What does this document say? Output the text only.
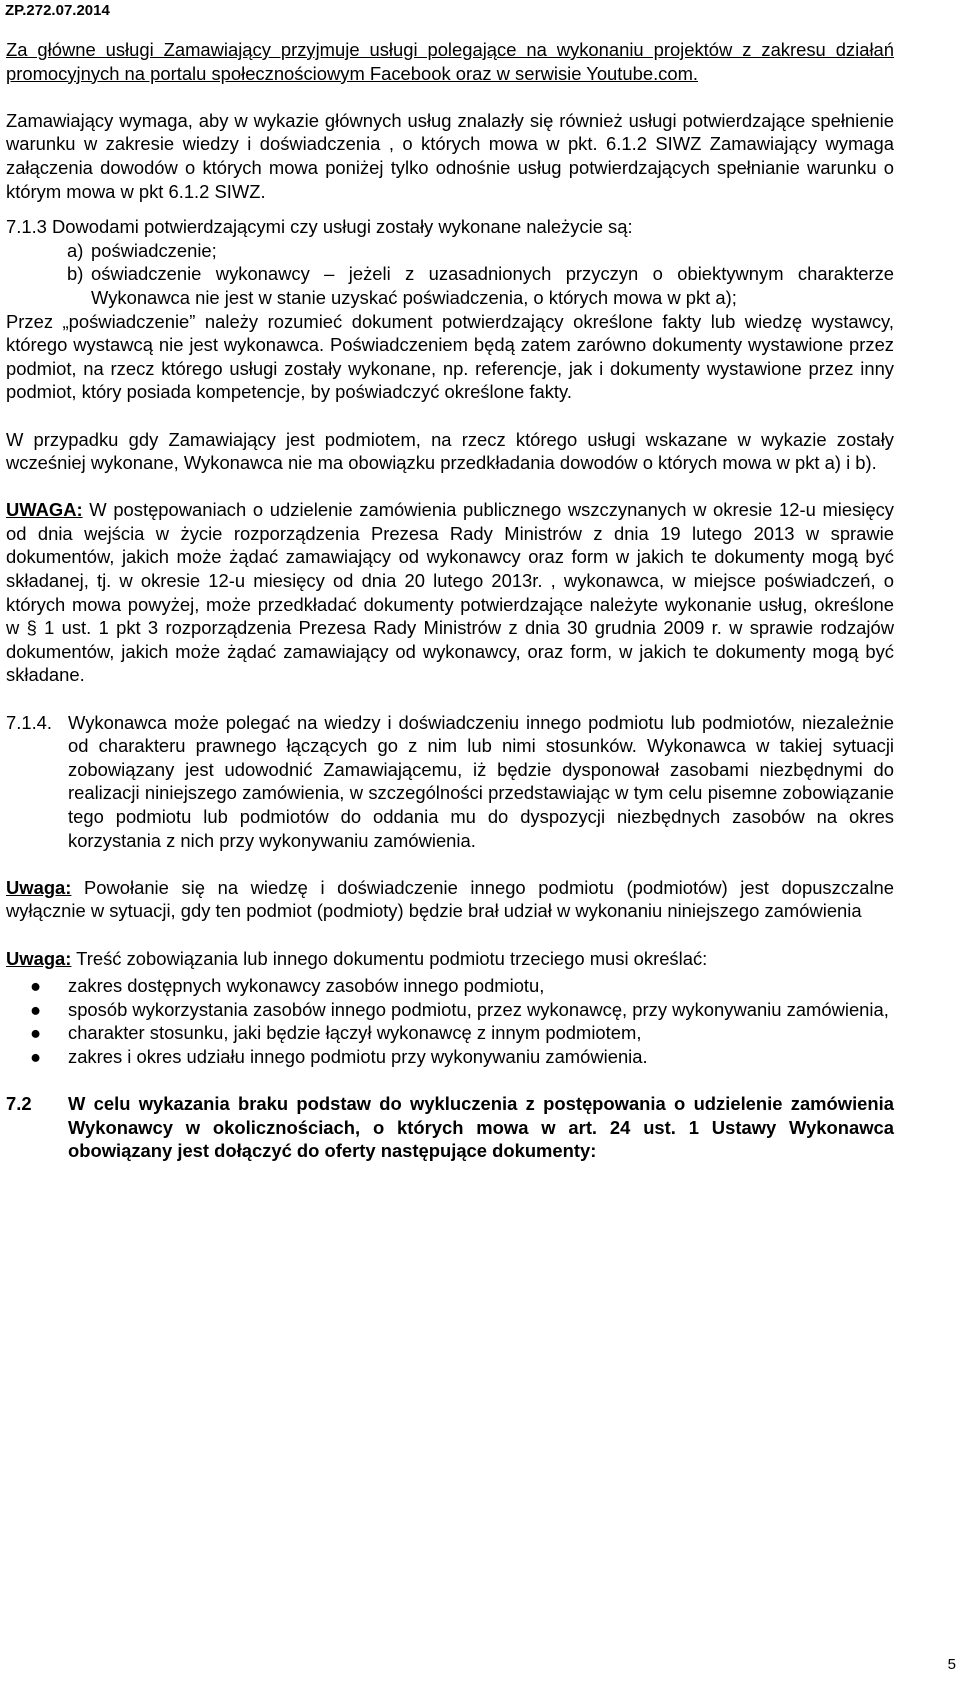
ZP.272.07.2014

Za główne usługi Zamawiający przyjmuje usługi polegające na wykonaniu projektów z zakresu działań promocyjnych na portalu społecznościowym Facebook oraz w serwisie Youtube.com.

Zamawiający wymaga, aby w wykazie głównych usług znalazły się również usługi potwierdzające spełnienie warunku w zakresie wiedzy i doświadczenia , o których mowa w pkt. 6.1.2 SIWZ Zamawiający wymaga załączenia dowodów o których mowa poniżej tylko odnośnie usług potwierdzających spełnianie warunku o którym mowa w pkt 6.1.2 SIWZ.

7.1.3 Dowodami potwierdzającymi czy usługi zostały wykonane należycie są:

a) poświadczenie;
b) oświadczenie wykonawcy – jeżeli z uzasadnionych przyczyn o obiektywnym charakterze Wykonawca nie jest w stanie uzyskać poświadczenia, o których mowa w pkt a);

Przez „poświadczenie” należy rozumieć dokument potwierdzający określone fakty lub wiedzę wystawcy, którego wystawcą nie jest wykonawca. Poświadczeniem będą zatem zarówno dokumenty wystawione przez podmiot, na rzecz którego usługi zostały wykonane, np. referencje, jak i dokumenty wystawione przez inny podmiot, który posiada kompetencje, by poświadczyć określone fakty.

W przypadku gdy Zamawiający jest podmiotem, na rzecz którego usługi wskazane w wykazie zostały wcześniej wykonane, Wykonawca nie ma obowiązku przedkładania dowodów o których mowa w pkt a) i b).

UWAGA: W postępowaniach o udzielenie zamówienia publicznego wszczynanych w okresie 12-u miesięcy od dnia wejścia w życie rozporządzenia Prezesa Rady Ministrów z dnia 19 lutego 2013 w sprawie dokumentów, jakich może żądać zamawiający od wykonawcy oraz form w jakich te dokumenty mogą być składanej, tj. w okresie 12-u miesięcy od dnia 20 lutego 2013r. , wykonawca, w miejsce poświadczeń, o których mowa powyżej, może przedkładać dokumenty potwierdzające należyte wykonanie usług, określone w § 1 ust. 1 pkt 3 rozporządzenia Prezesa Rady Ministrów z dnia 30 grudnia 2009 r. w sprawie rodzajów dokumentów, jakich może żądać zamawiający od wykonawcy, oraz form, w jakich te dokumenty mogą być składane.

7.1.4. Wykonawca może polegać na wiedzy i doświadczeniu innego podmiotu lub podmiotów, niezależnie od charakteru prawnego łączących go z nim lub nimi stosunków. Wykonawca w takiej sytuacji zobowiązany jest udowodnić Zamawiającemu, iż będzie dysponował zasobami niezbędnymi do realizacji niniejszego zamówienia, w szczególności przedstawiając w tym celu pisemne zobowiązanie tego podmiotu lub podmiotów do oddania mu do dyspozycji niezbędnych zasobów na okres korzystania z nich przy wykonywaniu zamówienia.

Uwaga: Powołanie się na wiedzę i doświadczenie innego podmiotu (podmiotów) jest dopuszczalne wyłącznie w sytuacji, gdy ten podmiot (podmioty) będzie brał udział w wykonaniu niniejszego zamówienia

Uwaga: Treść zobowiązania lub innego dokumentu podmiotu trzeciego musi określać:

●	zakres dostępnych wykonawcy zasobów innego podmiotu,
●	sposób wykorzystania zasobów innego podmiotu, przez wykonawcę, przy wykonywaniu zamówienia,
●	charakter stosunku, jaki będzie łączył wykonawcę z innym podmiotem,
●	zakres i okres udziału innego podmiotu przy wykonywaniu zamówienia.
7.2	W celu wykazania braku podstaw do wykluczenia z postępowania o udzielenie zamówienia Wykonawcy w okolicznościach, o których mowa w art. 24 ust. 1 Ustawy Wykonawca obowiązany jest dołączyć do oferty następujące dokumenty:
5
